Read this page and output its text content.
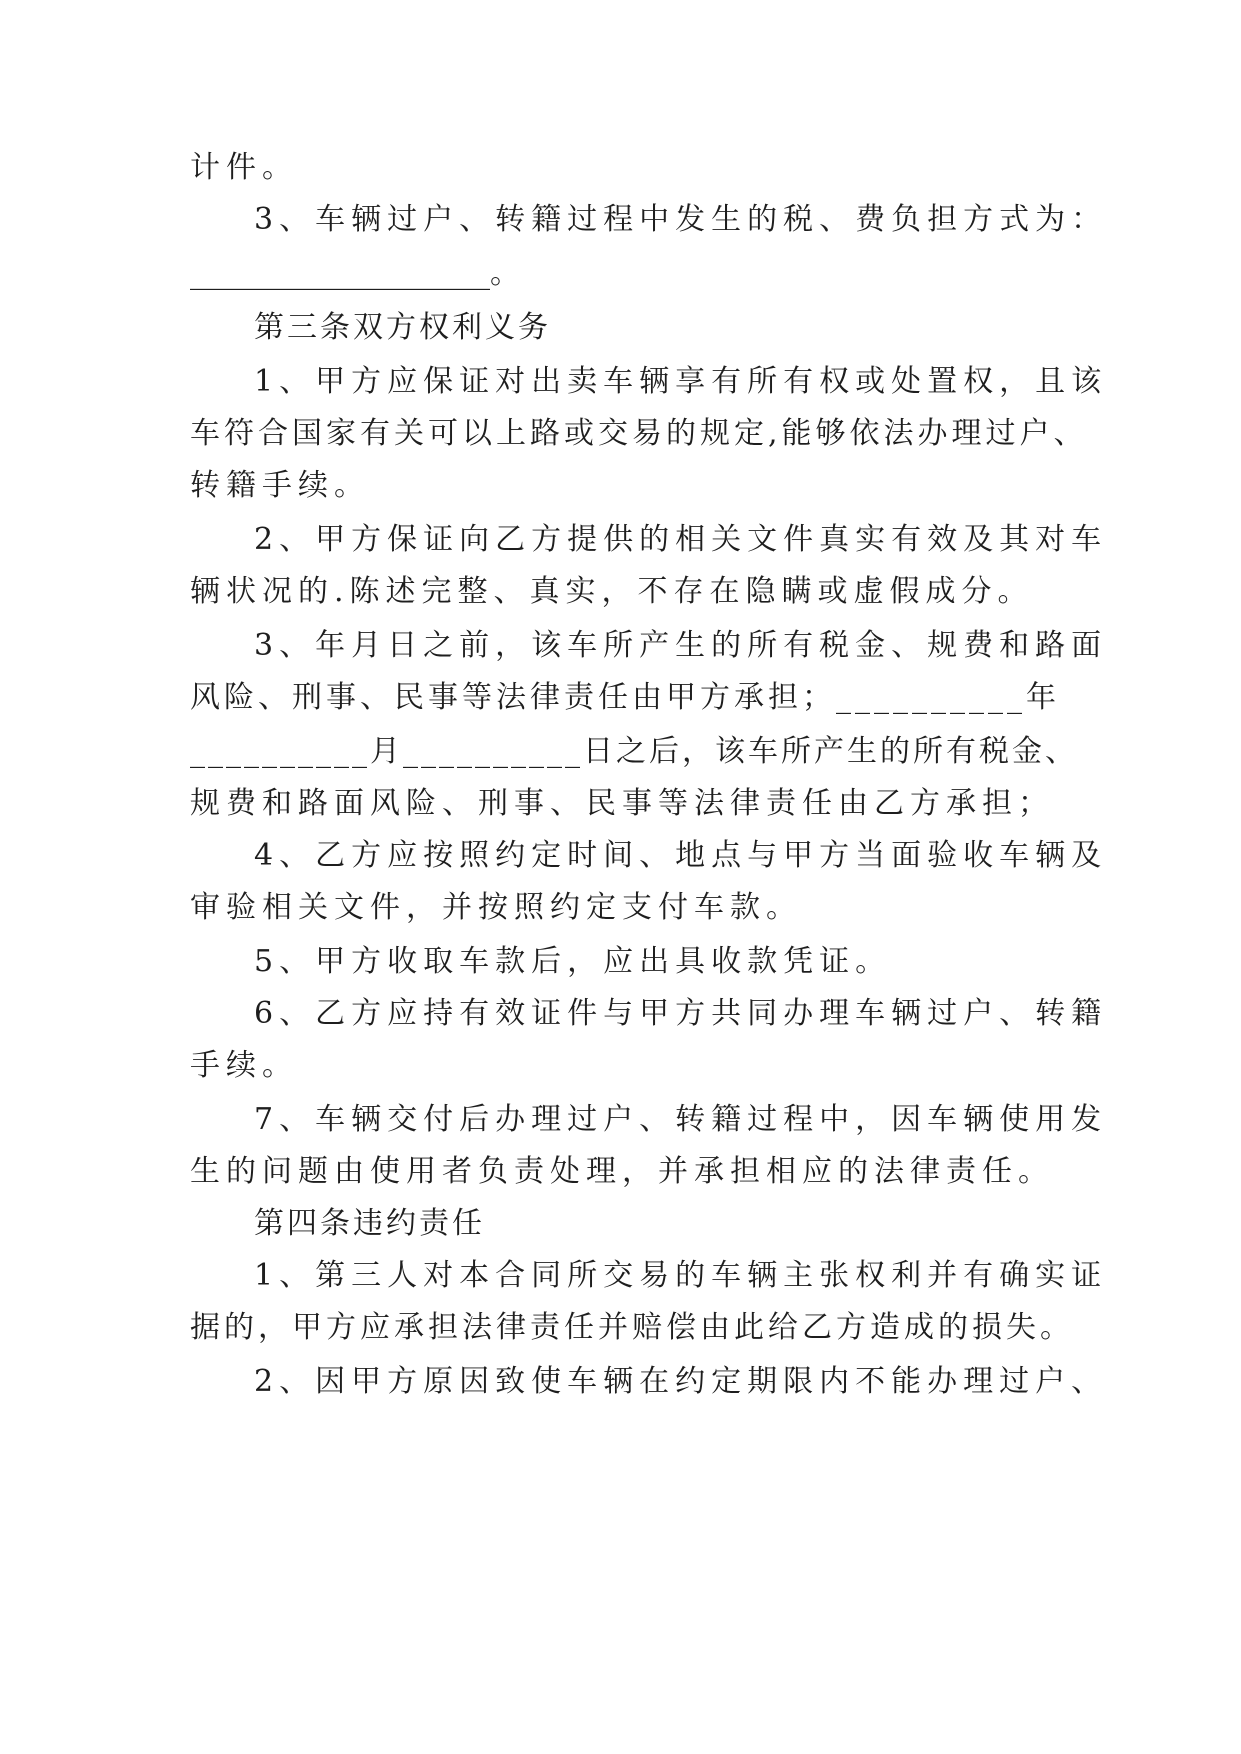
计件。
3、车辆过户、转籍过程中发生的税、费负担方式为：
____________________。
第三条双方权利义务
1、甲方应保证对出卖车辆享有所有权或处置权，且该
车符合国家有关可以上路或交易的规定,能够依法办理过户、
转籍手续。
2、甲方保证向乙方提供的相关文件真实有效及其对车
辆状况的.陈述完整、真实，不存在隐瞒或虚假成分。
3、年月日之前，该车所产生的所有税金、规费和路面
风险、刑事、民事等法律责任由甲方承担；__________年
__________月__________日之后，该车所产生的所有税金、
规费和路面风险、刑事、民事等法律责任由乙方承担；
4、乙方应按照约定时间、地点与甲方当面验收车辆及
审验相关文件，并按照约定支付车款。
5、甲方收取车款后，应出具收款凭证。
6、乙方应持有效证件与甲方共同办理车辆过户、转籍
手续。
7、车辆交付后办理过户、转籍过程中，因车辆使用发
生的问题由使用者负责处理，并承担相应的法律责任。
第四条违约责任
1、第三人对本合同所交易的车辆主张权利并有确实证
据的，甲方应承担法律责任并赔偿由此给乙方造成的损失。
2、因甲方原因致使车辆在约定期限内不能办理过户、
